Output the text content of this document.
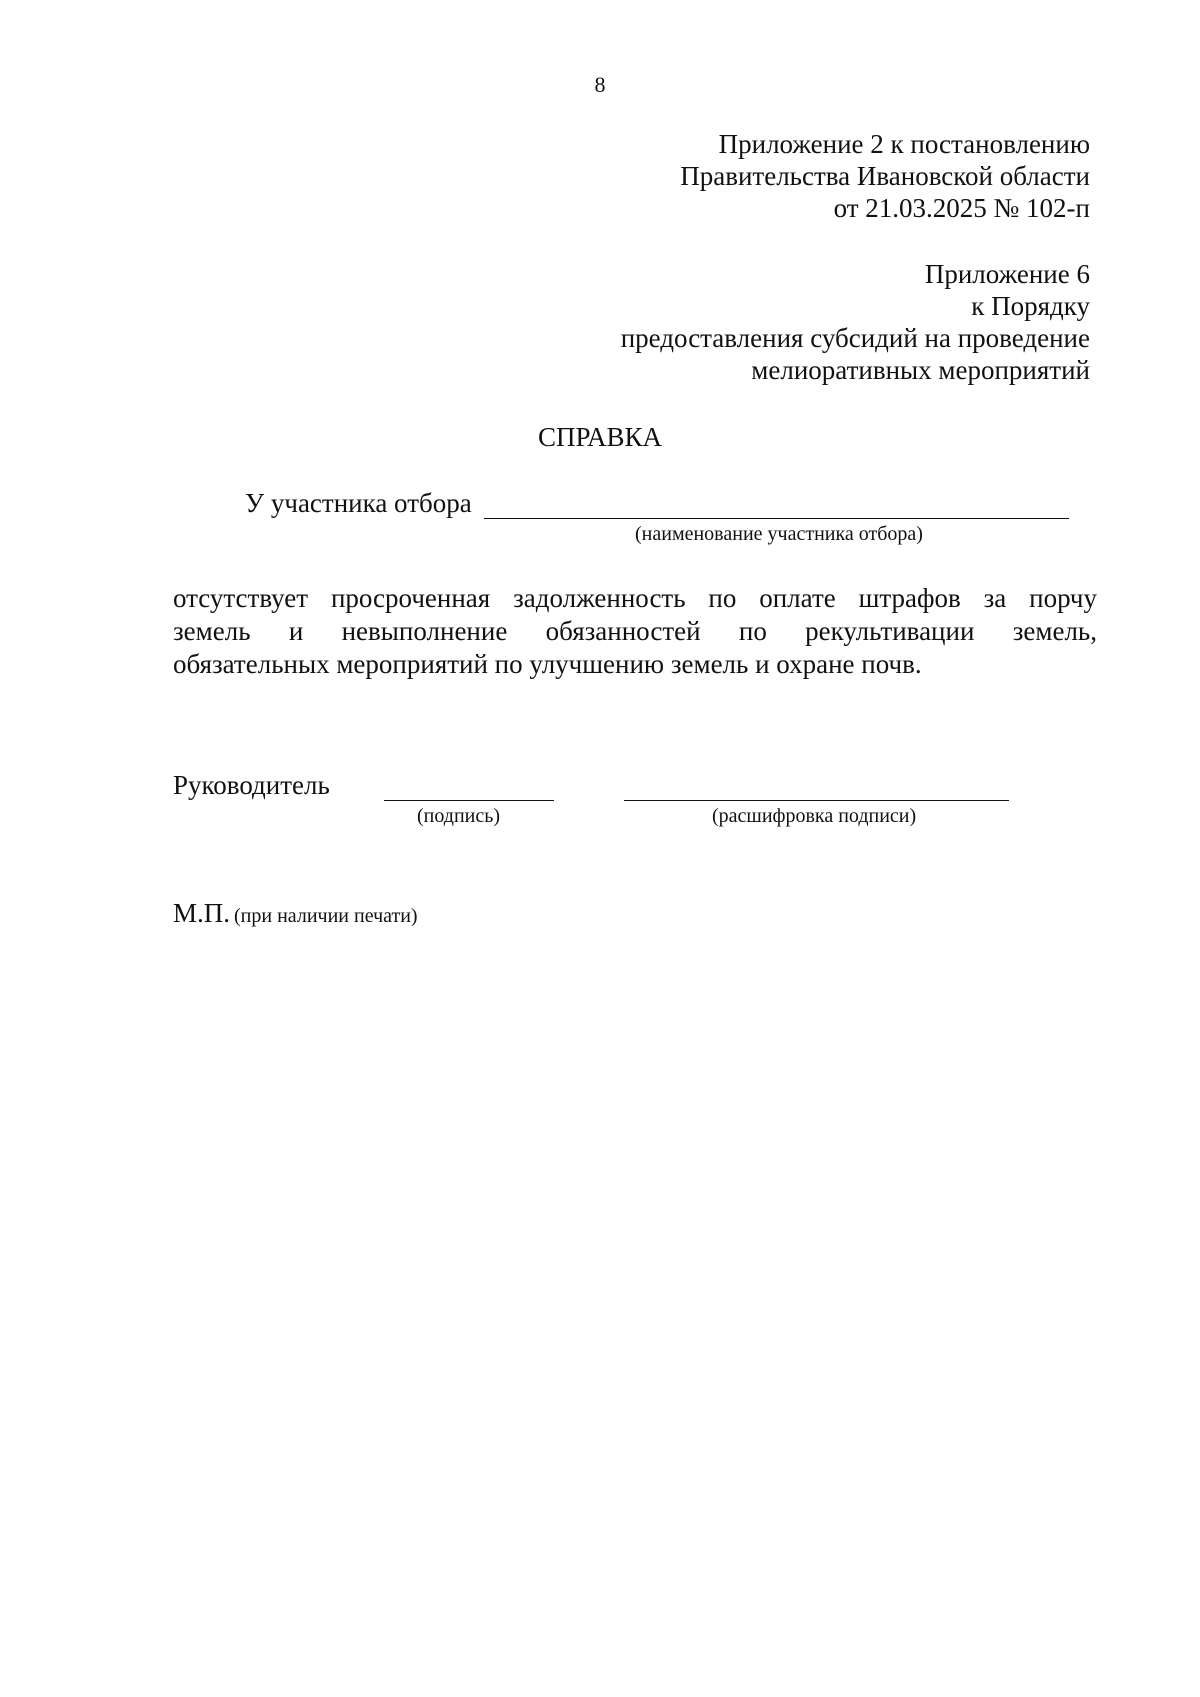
8
Приложение 2 к постановлению
Правительства Ивановской области
от 21.03.2025 № 102-п
Приложение 6
к Порядку
предоставления субсидий на проведение
мелиоративных мероприятий
СПРАВКА
У участника отбора
(наименование участника отбора)
отсутствует просроченная задолженность по оплате штрафов за порчу
земель и невыполнение обязанностей по рекультивации земель,
обязательных мероприятий по улучшению земель и охране почв.
Руководитель
(подпись)	(расшифровка подписи)
М.П. (при наличии печати)
